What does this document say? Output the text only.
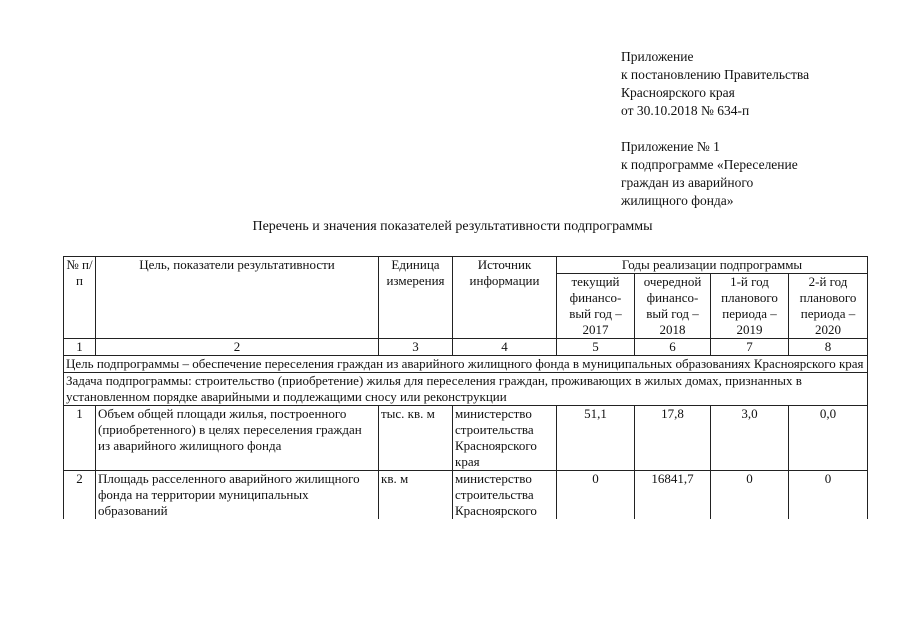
Приложение
к постановлению Правительства
Красноярского края
от 30.10.2018 № 634-п
Приложение № 1
к подпрограмме «Переселение
граждан из аварийного
жилищного фонда»
Перечень и значения показателей результативности подпрограммы
№ п/п	Цель, показатели результативности	Единица измерения	Источник информации	Годы реализации подпрограммы			
				текущий финансо-вый год – 2017	очередной финансо-вый год – 2018	1-й год планового периода – 2019	2-й год планового периода – 2020
1	2	3	4	5	6	7	8
Цель подпрограммы – обеспечение переселения граждан из аварийного жилищного фонда в муниципальных образованиях Красноярского края							
Задача подпрограммы: строительство (приобретение) жилья для переселения граждан, проживающих в жилых домах, признанных в установленном порядке аварийными и подлежащими сносу или реконструкции							
1	Объем общей площади жилья, построенного (приобретенного) в целях переселения граждан из аварийного жилищного фонда	тыс. кв. м	министерство строительства Красноярского края	51,1	17,8	3,0	0,0
2	Площадь расселенного аварийного жилищного фонда на территории муниципальных образований	кв. м	министерство строительства Красноярского	0	16841,7	0	0
